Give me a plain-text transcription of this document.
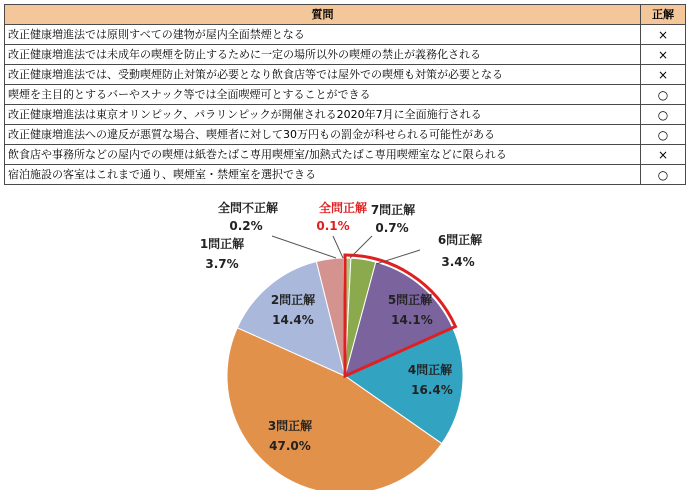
質問	正解
改正健康増進法では原則すべての建物が屋内全面禁煙となる	×
改正健康増進法では未成年の喫煙を防止するために一定の場所以外の喫煙の禁止が義務化される	×
改正健康増進法では、受動喫煙防止対策が必要となり飲食店等では屋外での喫煙も対策が必要となる	×
喫煙を主目的とするバーやスナック等では全面喫煙可とすることができる	○
改正健康増進法は東京オリンピック、パラリンピックが開催される2020年7月に全面施行される	○
改正健康増進法への違反が悪質な場合、喫煙者に対して30万円もの罰金が科せられる可能性がある	○
飲食店や事務所などの屋内での喫煙は紙巻たばこ専用喫煙室/加熱式たばこ専用喫煙室などに限られる	×
宿泊施設の客室はこれまで通り、喫煙室・禁煙室を選択できる	○
全問正解
0.1%
7問正解
0.7%
6問正解
3.4%
5問正解
14.1%
4問正解
16.4%
3問正解
47.0%
2問正解
14.4%
1問正解
3.7%
全問不正解
0.2%
